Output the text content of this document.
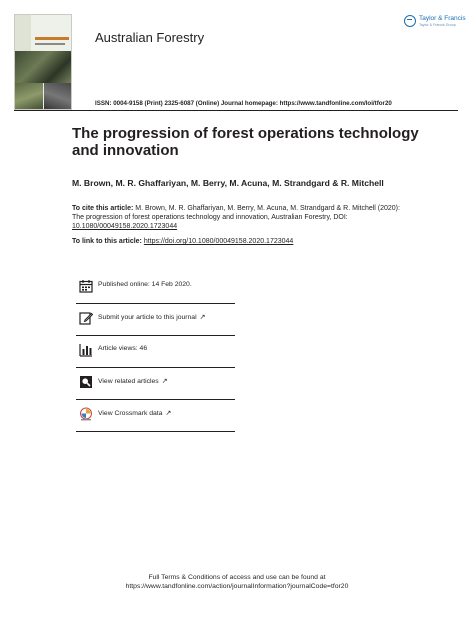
Australian Forestry
Taylor & Francis
Taylor & Francis Group
ISSN: 0004-9158 (Print) 2325-6087 (Online) Journal homepage: https://www.tandfonline.com/loi/tfor20
The progression of forest operations technology and innovation
M. Brown, M. R. Ghaffariyan, M. Berry, M. Acuna, M. Strandgard & R. Mitchell
To cite this article: M. Brown, M. R. Ghaffariyan, M. Berry, M. Acuna, M. Strandgard & R. Mitchell (2020): The progression of forest operations technology and innovation, Australian Forestry, DOI: 10.1080/00049158.2020.1723044
To link to this article: https://doi.org/10.1080/00049158.2020.1723044
Published online: 14 Feb 2020.
Submit your article to this journal ↗
Article views: 46
View related articles ↗
View Crossmark data ↗
Full Terms & Conditions of access and use can be found at
https://www.tandfonline.com/action/journalInformation?journalCode=tfor20
